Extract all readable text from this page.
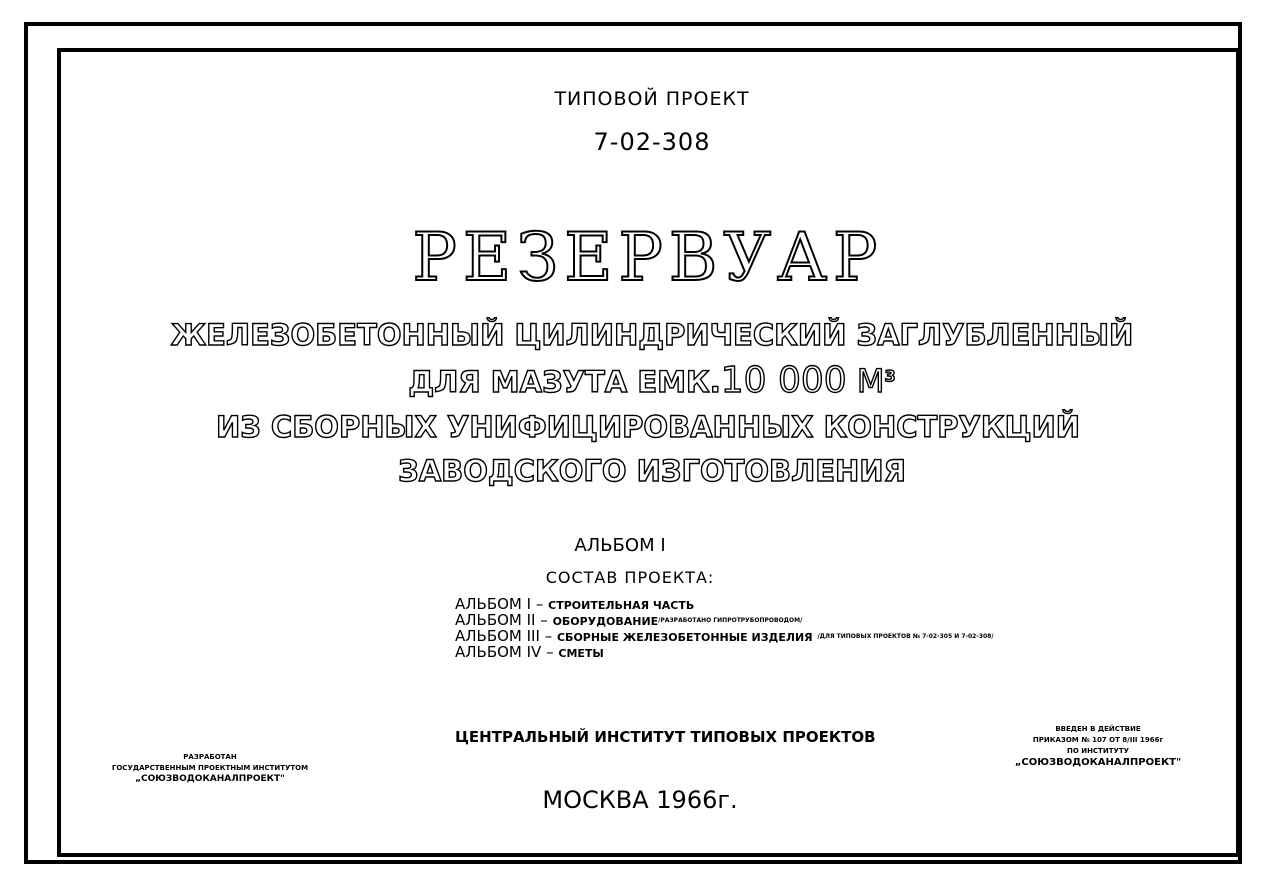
ТИПОВОЙ ПРОЕКТ
7-02-308
РЕЗЕРВУАР
ЖЕЛЕЗОБЕТОННЫЙ ЦИЛИНДРИЧЕСКИЙ ЗАГЛУБЛЕННЫЙ
ДЛЯ МАЗУТА ЕМК.10 000 $М^3$
ИЗ СБОРНЫХ УНИФИЦИРОВАННЫХ КОНСТРУКЦИЙ
ЗАВОДСКОГО ИЗГОТОВЛЕНИЯ
АЛЬБОМ I
СОСТАВ ПРОЕКТА:
АЛЬБОМ I – СТРОИТЕЛЬНАЯ ЧАСТЬ
АЛЬБОМ II – ОБОРУДОВАНИЕ/РАЗРАБОТАНО ГИПРОТРУБОПРОВОДОМ/
АЛЬБОМ III – СБОРНЫЕ ЖЕЛЕЗОБЕТОННЫЕ ИЗДЕЛИЯ /ДЛЯ ТИПОВЫХ ПРОЕКТОВ № 7-02-305 И 7-02-308/
АЛЬБОМ IV – СМЕТЫ
РАЗРАБОТАН
ГОСУДАРСТВЕННЫМ ПРОЕКТНЫМ ИНСТИТУТОМ
„СОЮЗВОДОКАНАЛПРОЕКТ"
ЦЕНТРАЛЬНЫЙ ИНСТИТУТ ТИПОВЫХ ПРОЕКТОВ	ВВЕДЕН В ДЕЙСТВИЕ
ПРИКАЗОМ № 107 ОТ 8/III 1966г
ПО ИНСТИТУТУ
„СОЮЗВОДОКАНАЛПРОЕКТ"
МОСКВА 1966г.
